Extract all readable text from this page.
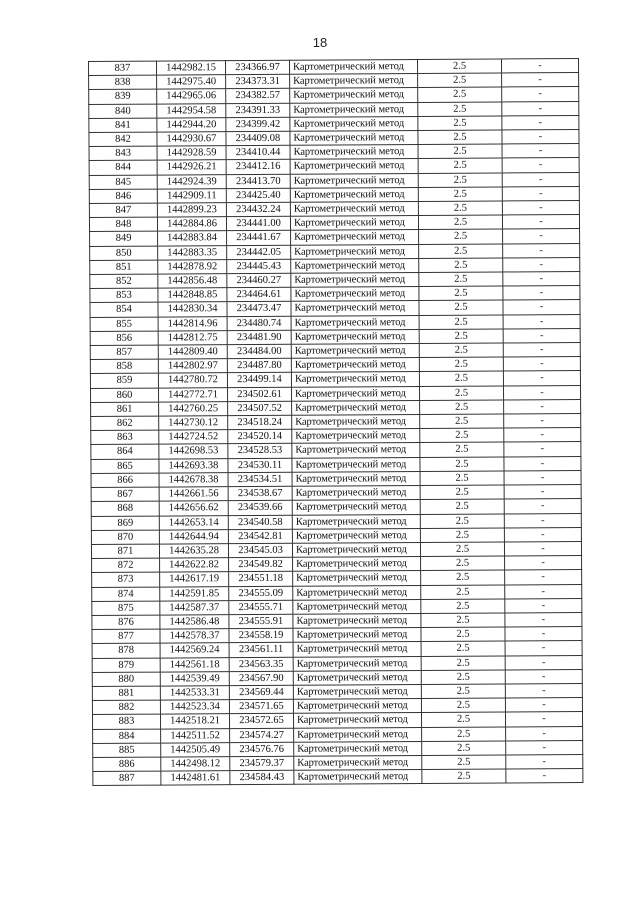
18
837	1442982.15	234366.97	Картометрический метод	2.5	-
838	1442975.40	234373.31	Картометрический метод	2.5	-
839	1442965.06	234382.57	Картометрический метод	2.5	-
840	1442954.58	234391.33	Картометрический метод	2.5	-
841	1442944.20	234399.42	Картометрический метод	2.5	-
842	1442930.67	234409.08	Картометрический метод	2.5	-
843	1442928.59	234410.44	Картометрический метод	2.5	-
844	1442926.21	234412.16	Картометрический метод	2.5	-
845	1442924.39	234413.70	Картометрический метод	2.5	-
846	1442909.11	234425.40	Картометрический метод	2.5	-
847	1442899.23	234432.24	Картометрический метод	2.5	-
848	1442884.86	234441.00	Картометрический метод	2.5	-
849	1442883.84	234441.67	Картометрический метод	2.5	-
850	1442883.35	234442.05	Картометрический метод	2.5	-
851	1442878.92	234445.43	Картометрический метод	2.5	-
852	1442856.48	234460.27	Картометрический метод	2.5	-
853	1442848.85	234464.61	Картометрический метод	2.5	-
854	1442830.34	234473.47	Картометрический метод	2.5	-
855	1442814.96	234480.74	Картометрический метод	2.5	-
856	1442812.75	234481.90	Картометрический метод	2.5	-
857	1442809.40	234484.00	Картометрический метод	2.5	-
858	1442802.97	234487.80	Картометрический метод	2.5	-
859	1442780.72	234499.14	Картометрический метод	2.5	-
860	1442772.71	234502.61	Картометрический метод	2.5	-
861	1442760.25	234507.52	Картометрический метод	2.5	-
862	1442730.12	234518.24	Картометрический метод	2.5	-
863	1442724.52	234520.14	Картометрический метод	2.5	-
864	1442698.53	234528.53	Картометрический метод	2.5	-
865	1442693.38	234530.11	Картометрический метод	2.5	-
866	1442678.38	234534.51	Картометрический метод	2.5	-
867	1442661.56	234538.67	Картометрический метод	2.5	-
868	1442656.62	234539.66	Картометрический метод	2.5	-
869	1442653.14	234540.58	Картометрический метод	2.5	-
870	1442644.94	234542.81	Картометрический метод	2.5	-
871	1442635.28	234545.03	Картометрический метод	2.5	-
872	1442622.82	234549.82	Картометрический метод	2.5	-
873	1442617.19	234551.18	Картометрический метод	2.5	-
874	1442591.85	234555.09	Картометрический метод	2.5	-
875	1442587.37	234555.71	Картометрический метод	2.5	-
876	1442586.48	234555.91	Картометрический метод	2.5	-
877	1442578.37	234558.19	Картометрический метод	2.5	-
878	1442569.24	234561.11	Картометрический метод	2.5	-
879	1442561.18	234563.35	Картометрический метод	2.5	-
880	1442539.49	234567.90	Картометрический метод	2.5	-
881	1442533.31	234569.44	Картометрический метод	2.5	-
882	1442523.34	234571.65	Картометрический метод	2.5	-
883	1442518.21	234572.65	Картометрический метод	2.5	-
884	1442511.52	234574.27	Картометрический метод	2.5	-
885	1442505.49	234576.76	Картометрический метод	2.5	-
886	1442498.12	234579.37	Картометрический метод	2.5	-
887	1442481.61	234584.43	Картометрический метод	2.5	-
